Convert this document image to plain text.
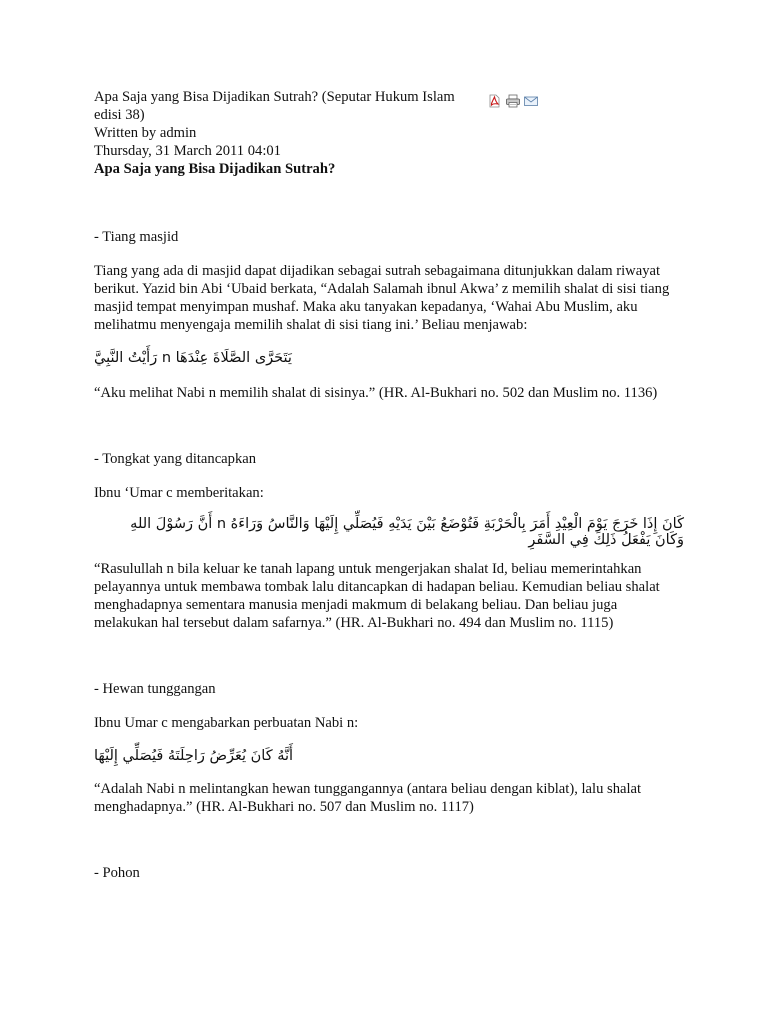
Apa Saja yang Bisa Dijadikan Sutrah? (Seputar Hukum Islam
edisi 38)
Written by admin
Thursday, 31 March 2011 04:01
Apa Saja yang Bisa Dijadikan Sutrah?
- Tiang masjid

Tiang yang ada di masjid dapat dijadikan sebagai sutrah sebagaimana ditunjukkan dalam riwayat berikut. Yazid bin Abi ‘Ubaid berkata, “Adalah Salamah ibnul Akwa’ z memilih shalat di sisi tiang masjid tempat menyimpan mushaf. Maka aku tanyakan kepadanya, ‘Wahai Abu Muslim, aku melihatmu menyengaja memilih shalat di sisi tiang ini.’ Beliau menjawab:

يَتَحَرَّى الصَّلَاةَ عِنْدَهَا n رَأَيْتُ النَّبِيَّ

“Aku melihat Nabi n memilih shalat di sisinya.” (HR. Al-Bukhari no. 502 dan Muslim no. 1136)

- Tongkat yang ditancapkan

Ibnu ‘Umar c memberitakan:

كَانَ إِذَا خَرَجَ يَوْمَ الْعِيْدِ أَمَرَ بِالْحَرْبَةِ فَتُوْضَعُ بَيْنَ يَدَيْهِ فَيُصَلِّي إِلَيْهَا وَالنَّاسُ وَرَاءَهُ n أَنَّ رَسُوْلَ اللهِ
وَكَانَ يَفْعَلُ ذَلِكَ فِي السَّفَرِ

“Rasulullah n bila keluar ke tanah lapang untuk mengerjakan shalat Id, beliau memerintahkan pelayannya untuk membawa tombak lalu ditancapkan di hadapan beliau. Kemudian beliau shalat menghadapnya sementara manusia menjadi makmum di belakang beliau. Dan beliau juga melakukan hal tersebut dalam safarnya.” (HR. Al-Bukhari no. 494 dan Muslim no. 1115)

- Hewan tunggangan

Ibnu Umar c mengabarkan perbuatan Nabi n:

أَنَّهُ كَانَ يُعَرِّضُ رَاحِلَتَهُ فَيُصَلِّي إِلَيْهَا

“Adalah Nabi n melintangkan hewan tunggangannya (antara beliau dengan kiblat), lalu shalat menghadapnya.” (HR. Al-Bukhari no. 507 dan Muslim no. 1117)

- Pohon
